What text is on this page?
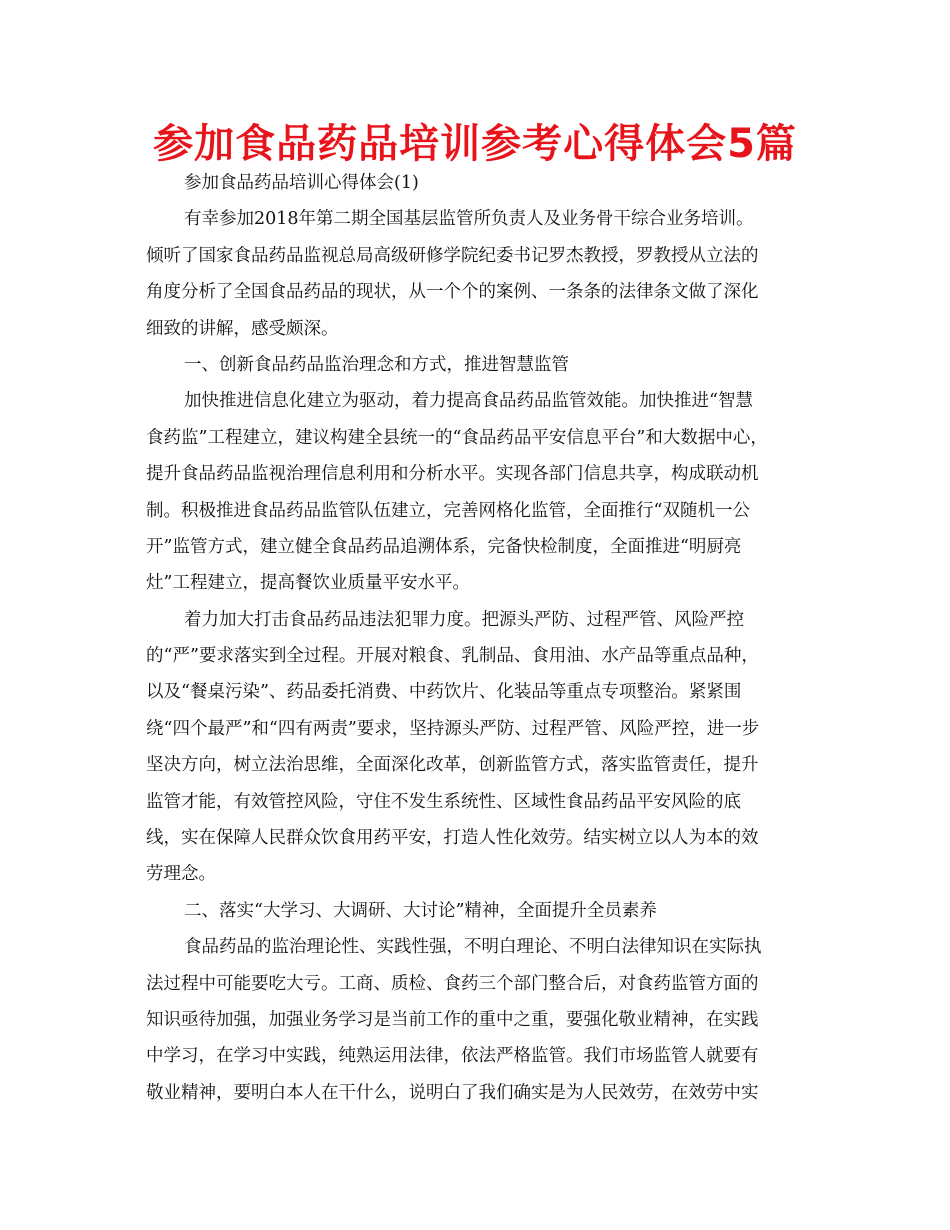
参加食品药品培训参考心得体会5篇
参加食品药品培训心得体会(1)
有幸参加2018年第二期全国基层监管所负责人及业务骨干综合业务培训。
倾听了国家食品药品监视总局高级研修学院纪委书记罗杰教授，罗教授从立法的
角度分析了全国食品药品的现状，从一个个的案例、一条条的法律条文做了深化
细致的讲解，感受颇深。
一、创新食品药品监治理念和方式，推进智慧监管
加快推进信息化建立为驱动，着力提高食品药品监管效能。加快推进“智慧
食药监”工程建立，建议构建全县统一的“食品药品平安信息平台”和大数据中心，
提升食品药品监视治理信息利用和分析水平。实现各部门信息共享，构成联动机
制。积极推进食品药品监管队伍建立，完善网格化监管，全面推行“双随机一公
开”监管方式，建立健全食品药品追溯体系，完备快检制度，全面推进“明厨亮
灶”工程建立，提高餐饮业质量平安水平。
着力加大打击食品药品违法犯罪力度。把源头严防、过程严管、风险严控
的“严”要求落实到全过程。开展对粮食、乳制品、食用油、水产品等重点品种，
以及“餐桌污染”、药品委托消费、中药饮片、化装品等重点专项整治。紧紧围
绕“四个最严”和“四有两责”要求，坚持源头严防、过程严管、风险严控，进一步
坚决方向，树立法治思维，全面深化改革，创新监管方式，落实监管责任，提升
监管才能，有效管控风险，守住不发生系统性、区域性食品药品平安风险的底
线，实在保障人民群众饮食用药平安，打造人性化效劳。结实树立以人为本的效
劳理念。
二、落实“大学习、大调研、大讨论”精神，全面提升全员素养
食品药品的监治理论性、实践性强，不明白理论、不明白法律知识在实际执
法过程中可能要吃大亏。工商、质检、食药三个部门整合后，对食药监管方面的
知识亟待加强，加强业务学习是当前工作的重中之重，要强化敬业精神，在实践
中学习，在学习中实践，纯熟运用法律，依法严格监管。我们市场监管人就要有
敬业精神，要明白本人在干什么，说明白了我们确实是为人民效劳，在效劳中实
